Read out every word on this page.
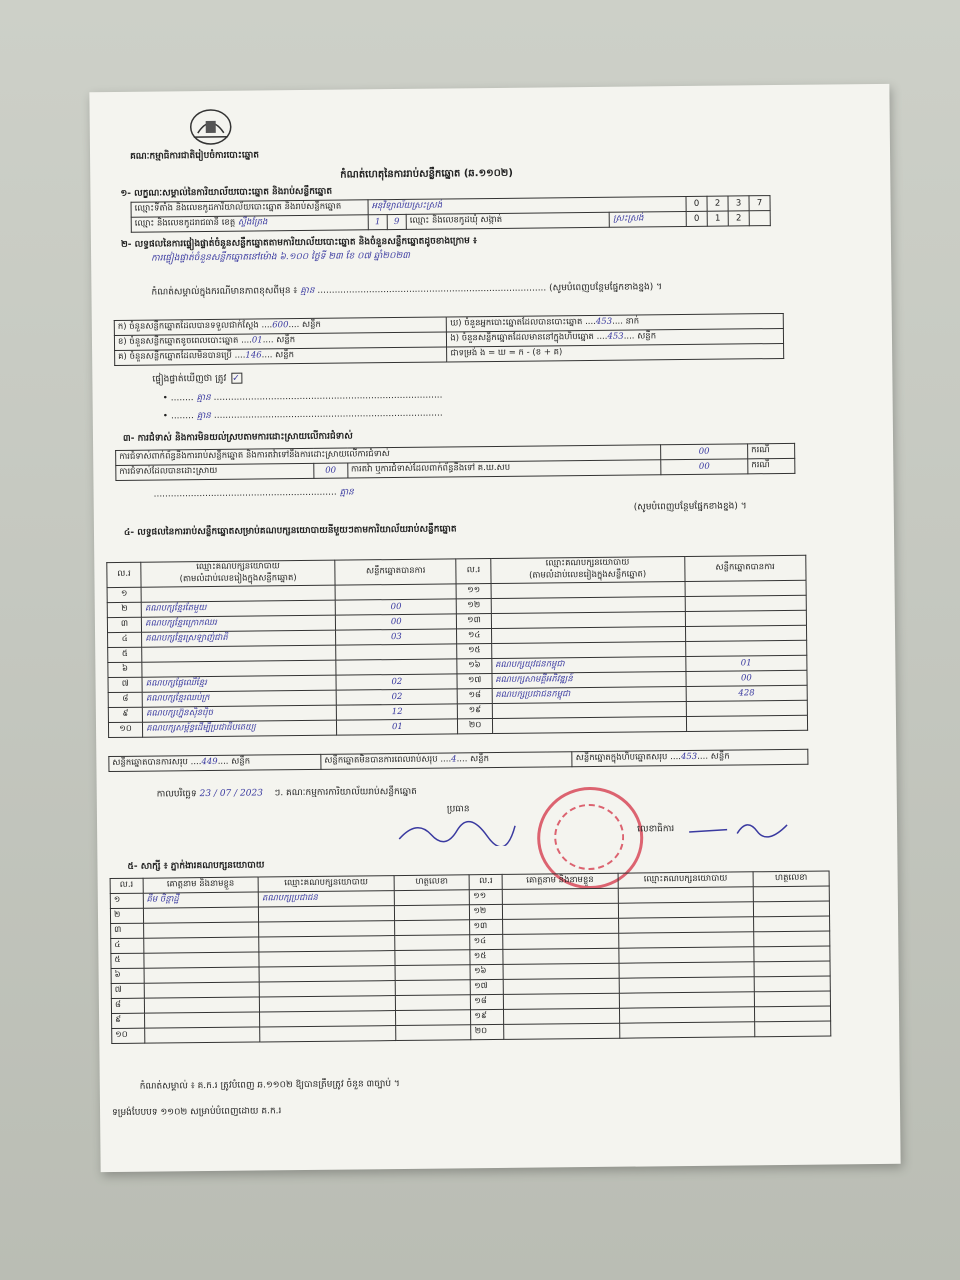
គណៈកម្មាធិការជាតិរៀបចំការបោះឆ្នោត
កំណត់ហេតុនៃការរាប់សន្លឹកឆ្នោត (ឆ.១១០២)
១- លក្ខណៈសម្គាល់នៃការិយាល័យបោះឆ្នោត និងរាប់សន្លឹកឆ្នោត
ឈ្មោះទីតាំង និងលេខកូដការិយាល័យបោះឆ្នោត និងរាប់សន្លឹកឆ្នោត	អនុវិទ្យាល័យស្រះស្រង់				0	2	3	7
ឈ្មោះ និងលេខកូដរាជធានី ខេត្ត ស្ទឹងត្រែង	1	9	ឈ្មោះ និងលេខកូដឃុំ សង្កាត់	ស្រះស្រង់	0	1	2	
២- លទ្ធផលនៃការផ្ទៀងផ្ទាត់ចំនួនសន្លឹកឆ្នោតតាមការិយាល័យបោះឆ្នោត និងចំនួនសន្លឹកឆ្នោតដូចខាងក្រោម ៖
ការផ្ទៀងផ្ទាត់ចំនួនសន្លឹកឆ្នោតនៅម៉ោង ៦.១០០ ថ្ងៃទី ២៣ ខែ ០៧ ឆ្នាំ២០២៣
កំណត់សម្គាល់ក្នុងករណីមានភាពខុសពីមុន ៖ គ្មាន ................................................................................ (សូមបំពេញបន្ថែមផ្នែកខាងខ្នង) ។
ក) ចំនួនសន្លឹកឆ្នោតដែលបានទទួលជាក់ស្តែង ....600.... សន្លឹក	ឃ) ចំនួនអ្នកបោះឆ្នោតដែលបានបោះឆ្នោត ....453.... នាក់
ខ) ចំនួនសន្លឹកឆ្នោតខូចពេលបោះឆ្នោត ....01.... សន្លឹក	ង) ចំនួនសន្លឹកឆ្នោតដែលមាននៅក្នុងហិបឆ្នោត ....453.... សន្លឹក
គ) ចំនួនសន្លឹកឆ្នោតដែលមិនបានប្រើ ....146.... សន្លឹក	ជាទម្រង់ ង = ឃ = ក - (ខ + គ)
ផ្ទៀងផ្ទាត់ឃើញថា ត្រូវ ✓
• ........ គ្មាន ................................................................................
• ........ គ្មាន ................................................................................
៣- ការជំទាស់ និងការមិនយល់ស្របតាមការដោះស្រាយលើការជំទាស់
ការជំទាស់ពាក់ព័ន្ធនឹងការរាប់សន្លឹកឆ្នោត និងការតវ៉ាទៅនឹងការដោះស្រាយលើការជំទាស់			00	ករណី
ការជំទាស់ដែលបានដោះស្រាយ	00	ការតវ៉ា ឬការជំទាស់ដែលពាក់ព័ន្ធនឹងទៅ គ.ឃ.សប	00	ករណី
................................................................ គ្មាន
(សូមបំពេញបន្ថែមផ្នែកខាងខ្នង) ។
៤- លទ្ធផលនៃការរាប់សន្លឹកឆ្នោតសម្រាប់គណបក្សនយោបាយនីមួយៗតាមការិយាល័យរាប់សន្លឹកឆ្នោត
ល.រ	ឈ្មោះគណបក្សនយោបាយ
(តាមលំដាប់លេខរៀងក្នុងសន្លឹកឆ្នោត)	សន្លឹកឆ្នោតបានការ	ល.រ	ឈ្មោះគណបក្សនយោបាយ
(តាមលំដាប់លេខរៀងក្នុងសន្លឹកឆ្នោត)	សន្លឹកឆ្នោតបានការ
១			១១		
២	គណបក្សខ្មែរតែមួយ	00	១២		
៣	គណបក្សខ្មែរក្រោកឈរ	00	១៣		
៤	គណបក្សខ្មែរស្រឡាញ់ជាតិ	03	១៤		
៥			១៥		
៦			១៦	គណបក្សយុវជនកម្ពុជា	01
៧	គណបក្សផ្លែឈើខ្មែរ	02	១៧	គណបក្សសាមគ្គីអភិវឌ្ឍន៍	00
៨	គណបក្សខ្មែរឈប់ក្រ	02	១៨	គណបក្សប្រជាជនកម្ពុជា	428
៩	គណបក្សហ្វ៊ុនស៊ិនប៉ិច	12	១៩		
១០	គណបក្សសម្ព័ន្ធដើម្បីប្រជាធិបតេយ្យ	01	២០		
សន្លឹកឆ្នោតបានការសរុប ....449.... សន្លឹក	សន្លឹកឆ្នោតមិនបានការពេលរាប់សរុប ....4.... សន្លឹក	សន្លឹកឆ្នោតក្នុងហិបឆ្នោតសរុប ....453.... សន្លឹក
កាលបរិច្ឆេទ 23 / 07 / 2023 ៗ. គណៈកម្មការការិយាល័យរាប់សន្លឹកឆ្នោត
ប្រធាន
លេខាធិការ
៥- សាក្សី ៖ ភ្នាក់ងារគណបក្សនយោបាយ
ល.រ	គោត្តនាម និងនាមខ្លួន	ឈ្មោះគណបក្សនយោបាយ	ហត្ថលេខា	ល.រ	គោត្តនាម និងនាមខ្លួន	ឈ្មោះគណបក្សនយោបាយ	ហត្ថលេខា
១	គឹម ចិន្តាដ្ឋី	គណបក្សប្រជាជន		១១			
២				១២			
៣				១៣			
៤				១៤			
៥				១៥			
៦				១៦			
៧				១៧			
៨				១៨			
៩				១៩			
១០				២០			
កំណត់សម្គាល់ ៖ គ.ក.រ ត្រូវបំពេញ ឆ.១១០២ ឱ្យបានត្រឹមត្រូវ ចំនួន ៣ច្បាប់ ។
ទម្រង់បែបបទ ១១០២ សម្រាប់បំពេញដោយ គ.ក.រ
